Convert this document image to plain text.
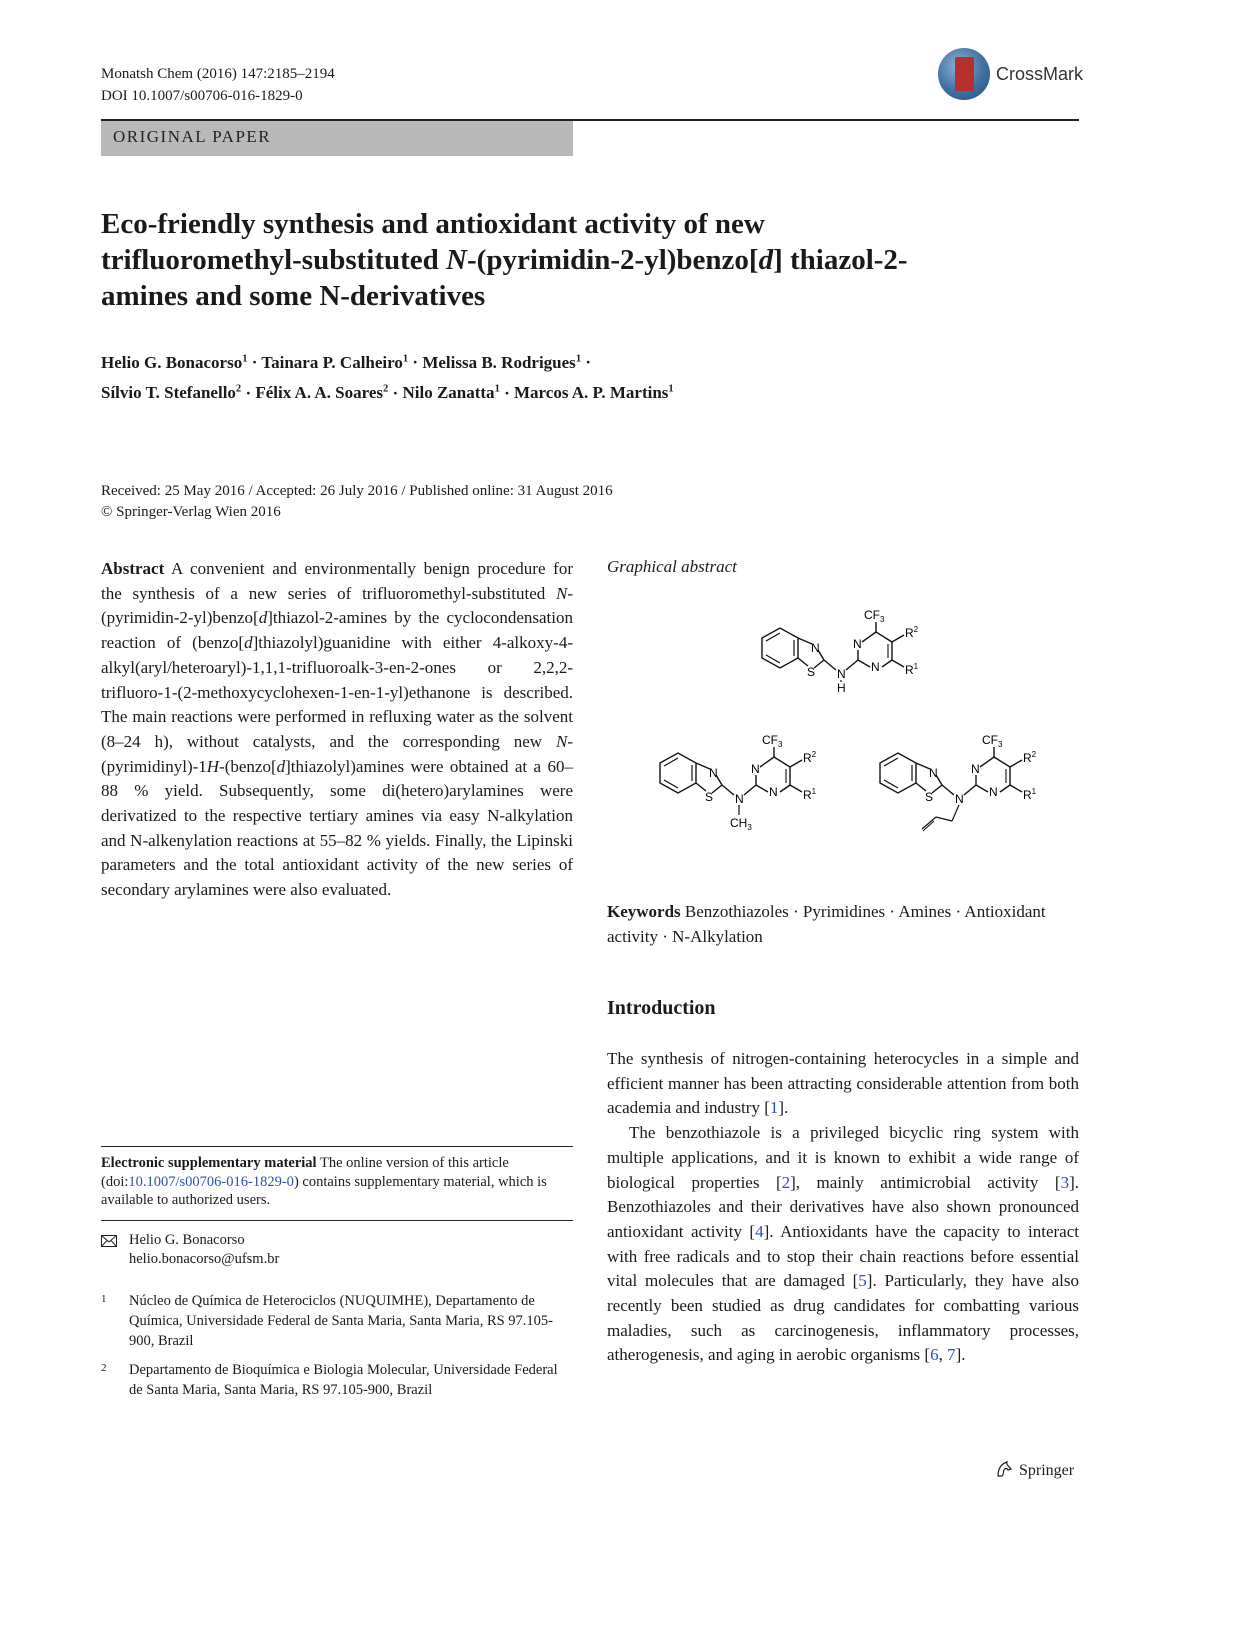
Monatsh Chem (2016) 147:2185–2194
DOI 10.1007/s00706-016-1829-0
CrossMark
ORIGINAL PAPER
Eco-friendly synthesis and antioxidant activity of new trifluoromethyl-substituted N-(pyrimidin-2-yl)benzo[d] thiazol-2-amines and some N-derivatives
Helio G. Bonacorso$^1$ · Tainara P. Calheiro$^1$ · Melissa B. Rodrigues$^1$ ·
Sílvio T. Stefanello$^2$ · Félix A. A. Soares$^2$ · Nilo Zanatta$^1$ · Marcos A. P. Martins$^1$
Received: 25 May 2016 / Accepted: 26 July 2016 / Published online: 31 August 2016
© Springer-Verlag Wien 2016
Abstract A convenient and environmentally benign procedure for the synthesis of a new series of trifluoromethyl-substituted N-(pyrimidin-2-yl)benzo[d]thiazol-2-amines by the cyclocondensation reaction of (benzo[d]thiazolyl)guanidine with either 4-alkoxy-4-alkyl(aryl/heteroaryl)-1,1,1-trifluoroalk-3-en-2-ones or 2,2,2-trifluoro-1-(2-methoxycyclohexen-1-en-1-yl)ethanone is described. The main reactions were performed in refluxing water as the solvent (8–24 h), without catalysts, and the corresponding new N-(pyrimidinyl)-1H-(benzo[d]thiazolyl)amines were obtained at a 60–88 % yield. Subsequently, some di(hetero)arylamines were derivatized to the respective tertiary amines via easy N-alkylation and N-alkenylation reactions at 55–82 % yields. Finally, the Lipinski parameters and the total antioxidant activity of the new series of secondary arylamines were also evaluated.
Graphical abstract
N
S N
H
N
N
$CF_3$
$R^2$
$R^1$
N
S N
$CH_3$
N
N
$CF_3$
$R^2$
$R^1$
N
S N
N
N
$CF_3$
$R^2$
$R^1$
Keywords Benzothiazoles · Pyrimidines · Amines · Antioxidant activity · N-Alkylation
Introduction

The synthesis of nitrogen-containing heterocycles in a simple and efficient manner has been attracting considerable attention from both academia and industry [1].

The benzothiazole is a privileged bicyclic ring system with multiple applications, and it is known to exhibit a wide range of biological properties [2], mainly antimicrobial activity [3]. Benzothiazoles and their derivatives have also shown pronounced antioxidant activity [4]. Antioxidants have the capacity to interact with free radicals and to stop their chain reactions before essential vital molecules that are damaged [5]. Particularly, they have also recently been studied as drug candidates for combatting various maladies, such as carcinogenesis, inflammatory processes, atherogenesis, and aging in aerobic organisms [6, 7].

Electronic supplementary material The online version of this article (doi:10.1007/s00706-016-1829-0) contains supplementary material, which is available to authorized users.
Helio G. Bonacorso
helio.bonacorso@ufsm.br
1 Núcleo de Química de Heterociclos (NUQUIMHE), Departamento de Química, Universidade Federal de Santa Maria, Santa Maria, RS 97.105-900, Brazil
2 Departamento de Bioquímica e Biologia Molecular, Universidade Federal de Santa Maria, Santa Maria, RS 97.105-900, Brazil
Springer
